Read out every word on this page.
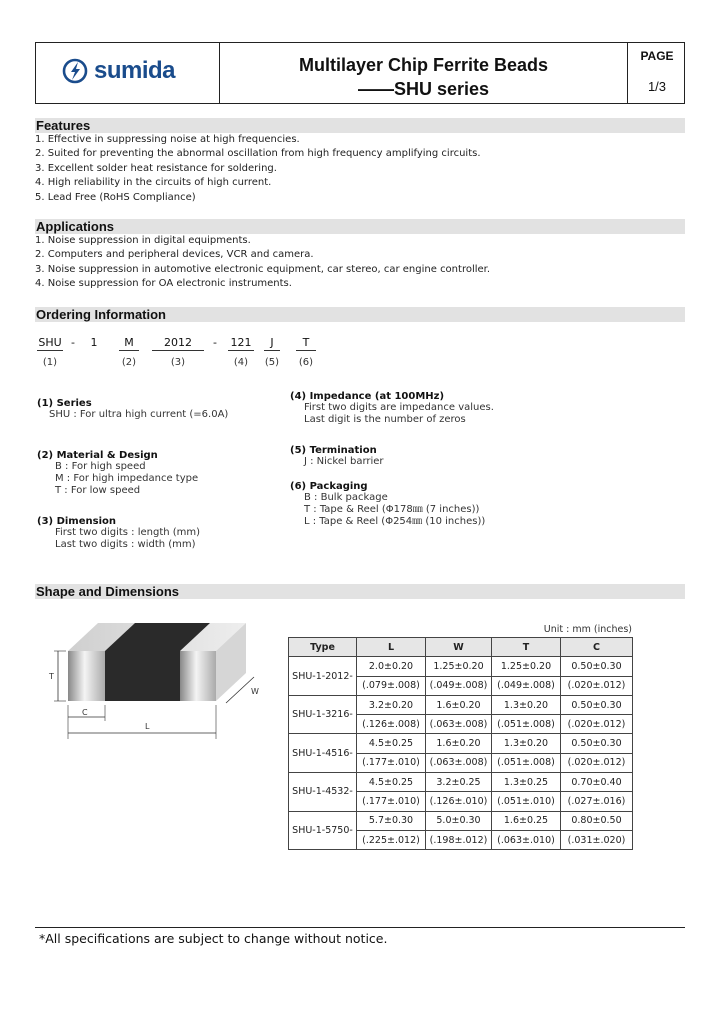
sumida	Multilayer Chip Ferrite Beads
——SHU series
PAGE
1/3
Features
1. Effective in suppressing noise at high frequencies.
2. Suited for preventing the abnormal oscillation from high frequency amplifying circuits.
3. Excellent solder heat resistance for soldering.
4. High reliability in the circuits of high current.
5. Lead Free (RoHS Compliance)
Applications
1. Noise suppression in digital equipments.
2. Computers and peripheral devices, VCR and camera.
3. Noise suppression in automotive electronic equipment, car stereo, car engine controller.
4. Noise suppression for OA electronic instruments.
Ordering Information
SHU - 1	M	2012	- 121	J	T
(1)	(2)	(3)	(4)	(5) (6)
(1) Series
SHU : For ultra high current (=6.0A)
(2) Material & Design
B : For high speed
M : For high impedance type
T : For low speed
(3) Dimension
First two digits : length (mm)
Last two digits : width (mm)
(4) Impedance (at 100MHz)
First two digits are impedance values.
Last digit is the number of zeros
(5) Termination
J : Nickel barrier
(6) Packaging
B : Bulk package
T : Tape & Reel (Φ178㎜ (7 inches))
L : Tape & Reel (Φ254㎜ (10 inches))
Shape and Dimensions
T
W
C
L
Unit : mm (inches)
Type	L	W	T	C
SHU-1-2012-	2.0±0.20	1.25±0.20	1.25±0.20	0.50±0.30
	(.079±.008)	(.049±.008)	(.049±.008)	(.020±.012)
SHU-1-3216-	3.2±0.20	1.6±0.20	1.3±0.20	0.50±0.30
	(.126±.008)	(.063±.008)	(.051±.008)	(.020±.012)
SHU-1-4516-	4.5±0.25	1.6±0.20	1.3±0.20	0.50±0.30
	(.177±.010)	(.063±.008)	(.051±.008)	(.020±.012)
SHU-1-4532-	4.5±0.25	3.2±0.25	1.3±0.25	0.70±0.40
	(.177±.010)	(.126±.010)	(.051±.010)	(.027±.016)
SHU-1-5750-	5.7±0.30	5.0±0.30	1.6±0.25	0.80±0.50
	(.225±.012)	(.198±.012)	(.063±.010)	(.031±.020)
*All specifications are subject to change without notice.
